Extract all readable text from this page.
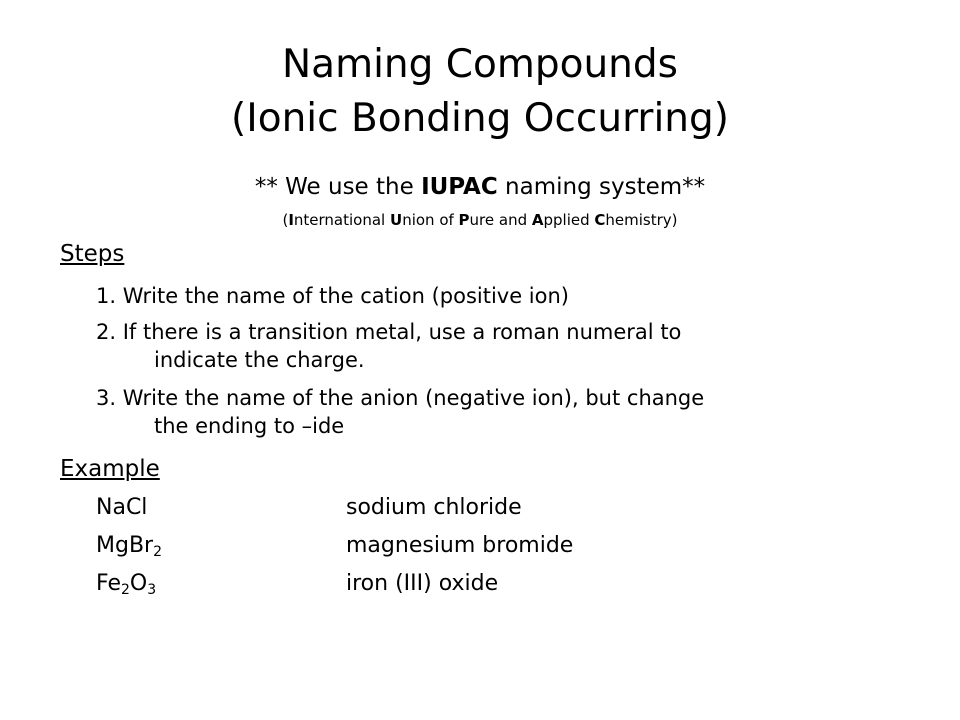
Naming Compounds
(Ionic Bonding Occurring)
** We use the IUPAC naming system**
(International Union of Pure and Applied Chemistry)
Steps
1. Write the name of the cation (positive ion)
2. If there is a transition metal, use a roman numeral to
indicate the charge.
3. Write the name of the anion (negative ion), but change
the ending to –ide
Example
NaCl	sodium chloride
MgBr$_2$	magnesium bromide
$Fe_2O_3$	iron (III) oxide
